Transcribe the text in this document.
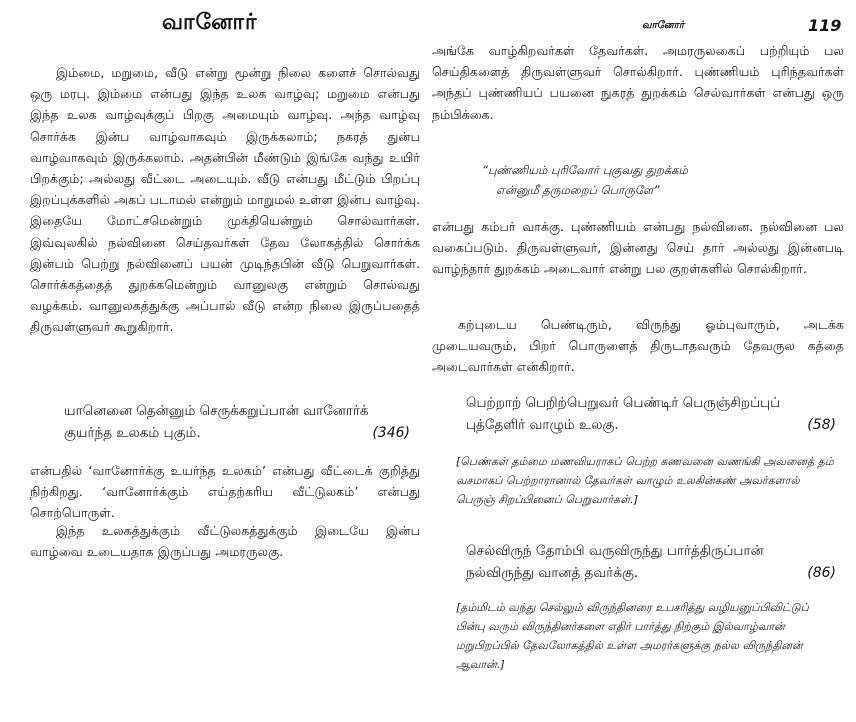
வானோர்	வானோர்	119

இம்மை, மறுமை, வீடு என்று மூன்று நிலை களைச் சொல்வது ஒரு மரபு. இம்மை என்பது இந்த உலக வாழ்வு; மறுமை என்பது இந்த உலக வாழ்வுக்குப் பிறகு அமையும் வாழ்வு. அந்த வாழ்வு சொர்க்க இன்ப வாழ்வாகவும் இருக்கலாம்; நகரத் துன்ப வாழ்வாகவும் இருக்கலாம். அதன்பின் மீண்டும் இங்கே வந்து உயிர் பிறக்கும்; அல்லது வீட்டை அடையும். வீடு என்பது மீட்டும் பிறப்பு இறப்புக்களில் அகப் படாமல் என்றும் மாறுமல் உள்ள இன்ப வாழ்வு. இதையே மோட்சமென்றும் முக்தியென்றும் சொல்வார்கள். இவ்வுலகில் நல்வினை செய்தவர்கள் தேவ லோகத்தில் சொர்க்க இன்பம் பெற்று நல்வினைப் பயன் முடிந்தபின் வீடு பெறுவார்கள். சொர்க்கத்தைத் துறக்கமென்றும் வானுலகு என்றும் சொல்வது வழக்கம். வானுலகத்துக்கு அப்பால் வீடு என்ற நிலை இருப்பதைத் திருவள்ளுவர் கூறுகிறார்.

யானெனை தென்னும் செருக்கறுப்பான் வானோர்க்
குயர்ந்த உலகம் புகும்.	(346)

என்பதில் ‘வானோர்க்கு உயர்ந்த உலகம்’ என்பது வீட்டைக் குறித்து நிற்கிறது. ‘வானோர்க்கும் எய்தற்கரிய வீட்டுலகம்’ என்பது சொற்பொருள்.

இந்த உலகத்துக்கும் வீட்டுலகத்துக்கும் இடையே இன்ப வாழ்வை உடையதாக இருப்பது அமரருலகு.

அங்கே வாழ்கிறவர்கள் தேவர்கள். அமரருலகைப் பற்றியும் பல செய்திகளைத் திருவள்ளுவர் சொல்கிறார். புண்ணியம் புரிந்தவர்கள் அந்தப் புண்ணியப் பயனை நுகரத் துறக்கம் செல்வார்கள் என்பது ஒரு நம்பிக்கை.

“புண்ணியம் புரிவோர் புகுவது துறக்கம்
என்னுமீ தருமறைப் பொருளே”

என்பது கம்பர் வாக்கு. புண்ணியம் என்பது நல்வினை. நல்வினை பல வகைப்படும். திருவள்ளுவர், இன்னது செய் தார் அல்லது இன்னபடி வாழ்ந்தார் துறக்கம் அடைவார் என்று பல குறள்களில் சொல்கிறார்.

கற்புடைய பெண்டிரும், விருந்து ஓம்புவாரும், அடக்க முடையவரும், பிறர் பொருளைத் திருடாதவரும் தேவருல கத்தை அடைவார்கள் என்கிறார்.

பெற்றாற் பெறிற்பெறுவர் பெண்டிர் பெருஞ்சிறப்புப்
புத்தேளிர் வாழும் உலகு.	(58)

[பெண்கள் தம்மை மணவியராகப் பெற்ற கணவனை வணங்கி அவனைத் தம் வசமாகப் பெற்றாரானால் தேவர்கள் வாழும் உலகின்கண் அவர்களால் பெருஞ் சிறப்பினைப் பெறுவார்கள்.]

செல்விருந் தோம்பி வருவிருந்து பார்த்திருப்பான்
நல்விருந்து வானத் தவர்க்கு.	(86)

[தம்மிடம் வந்து செல்லும் விருந்தினரை உபசரித்து வழியனுப்பிவிட்டுப் பின்பு வரும் விருந்தினர்களை எதிர் பார்த்து நிற்கும் இல்வாழ்வான் மறுபிறப்பில் தேவலோகத்தில் உள்ள அமரர்களுக்கு நல்ல விருந்தினன் ஆவான்.]
